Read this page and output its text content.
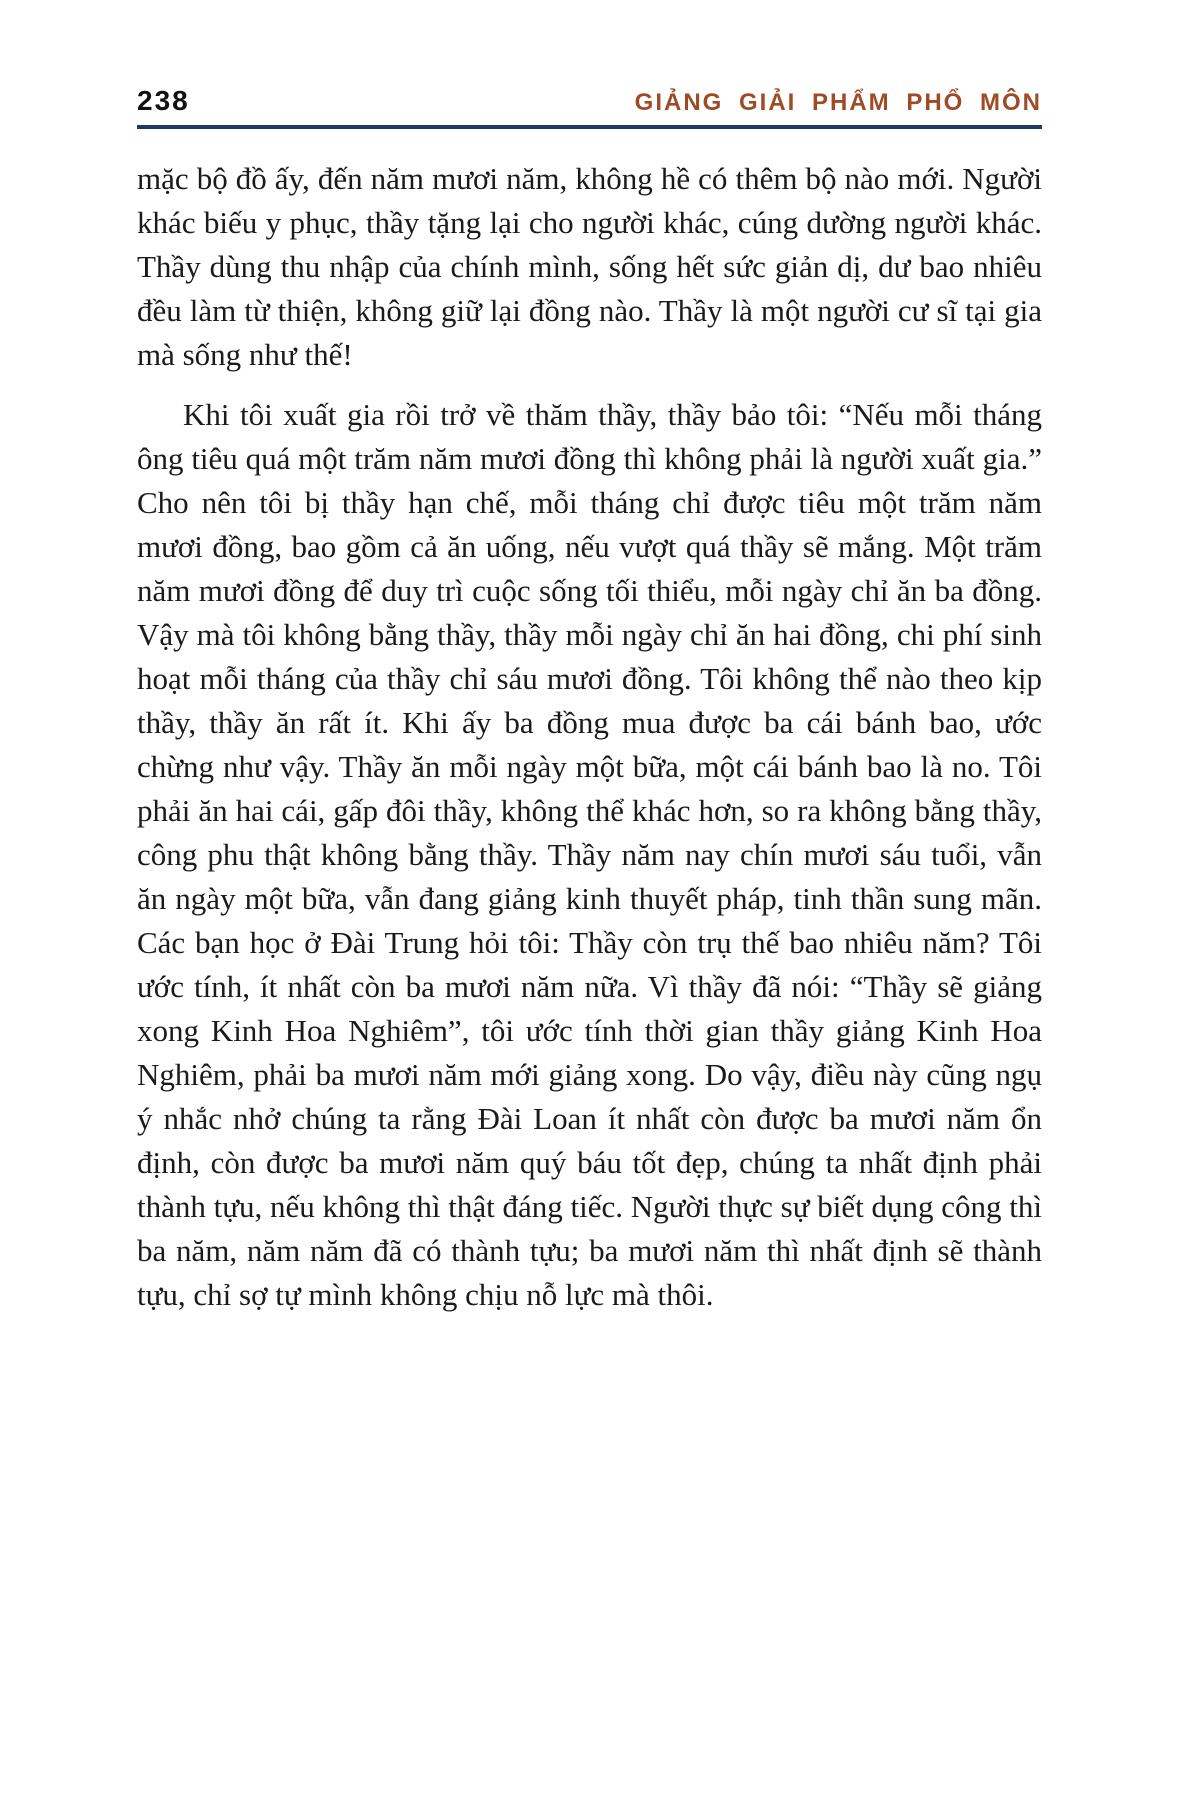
238	GIẢNG GIẢI PHẨM PHỔ MÔN

mặc bộ đồ ấy, đến năm mươi năm, không hề có thêm bộ nào mới. Người khác biếu y phục, thầy tặng lại cho người khác, cúng dường người khác. Thầy dùng thu nhập của chính mình, sống hết sức giản dị, dư bao nhiêu đều làm từ thiện, không giữ lại đồng nào. Thầy là một người cư sĩ tại gia mà sống như thế!

Khi tôi xuất gia rồi trở về thăm thầy, thầy bảo tôi: “Nếu mỗi tháng ông tiêu quá một trăm năm mươi đồng thì không phải là người xuất gia.” Cho nên tôi bị thầy hạn chế, mỗi tháng chỉ được tiêu một trăm năm mươi đồng, bao gồm cả ăn uống, nếu vượt quá thầy sẽ mắng. Một trăm năm mươi đồng để duy trì cuộc sống tối thiểu, mỗi ngày chỉ ăn ba đồng. Vậy mà tôi không bằng thầy, thầy mỗi ngày chỉ ăn hai đồng, chi phí sinh hoạt mỗi tháng của thầy chỉ sáu mươi đồng. Tôi không thể nào theo kịp thầy, thầy ăn rất ít. Khi ấy ba đồng mua được ba cái bánh bao, ước chừng như vậy. Thầy ăn mỗi ngày một bữa, một cái bánh bao là no. Tôi phải ăn hai cái, gấp đôi thầy, không thể khác hơn, so ra không bằng thầy, công phu thật không bằng thầy. Thầy năm nay chín mươi sáu tuổi, vẫn ăn ngày một bữa, vẫn đang giảng kinh thuyết pháp, tinh thần sung mãn. Các bạn học ở Đài Trung hỏi tôi: Thầy còn trụ thế bao nhiêu năm? Tôi ước tính, ít nhất còn ba mươi năm nữa. Vì thầy đã nói: “Thầy sẽ giảng xong Kinh Hoa Nghiêm”, tôi ước tính thời gian thầy giảng Kinh Hoa Nghiêm, phải ba mươi năm mới giảng xong. Do vậy, điều này cũng ngụ ý nhắc nhở chúng ta rằng Đài Loan ít nhất còn được ba mươi năm ổn định, còn được ba mươi năm quý báu tốt đẹp, chúng ta nhất định phải thành tựu, nếu không thì thật đáng tiếc. Người thực sự biết dụng công thì ba năm, năm năm đã có thành tựu; ba mươi năm thì nhất định sẽ thành tựu, chỉ sợ tự mình không chịu nỗ lực mà thôi.
